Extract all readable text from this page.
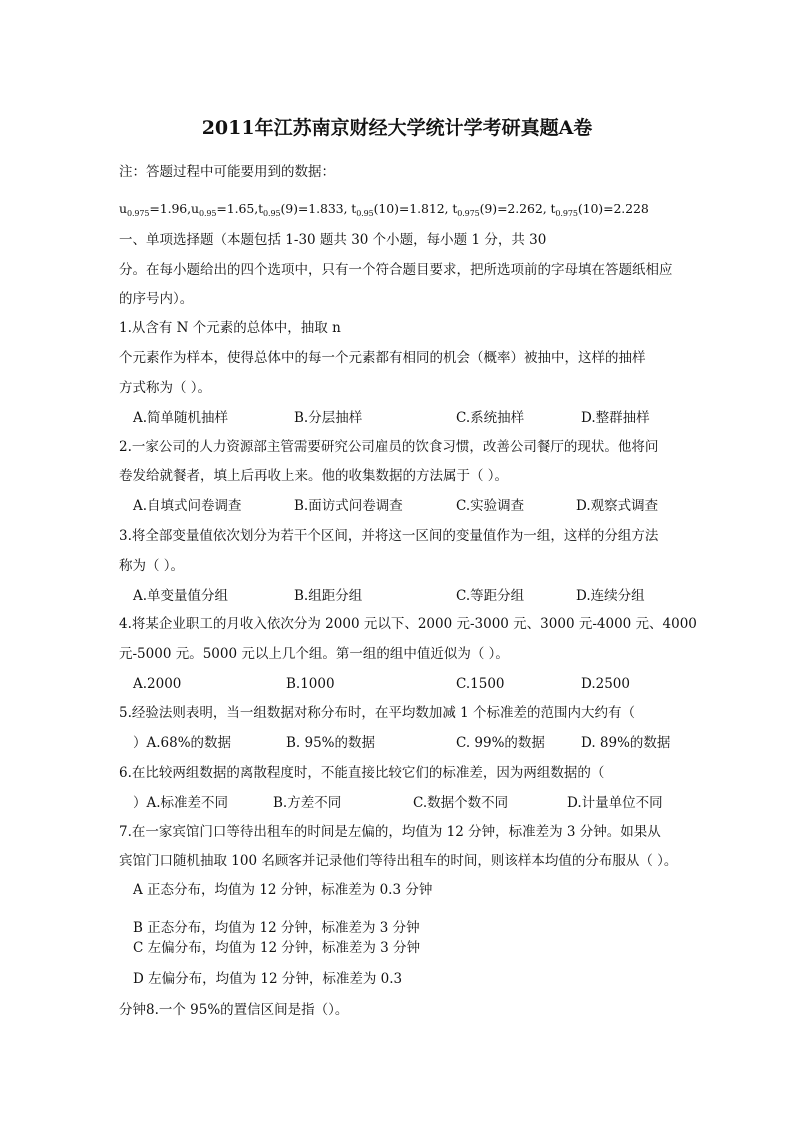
2011年江苏南京财经大学统计学考研真题A卷
注：答题过程中可能要用到的数据：
$u_{0.975}=1.96,u_{0.95}=1.65,t_{0.95}(9)=1.833$, $t_{0.95}(10)=1.812$, $t_{0.975}(9)=2.262$, $t_{0.975}(10)=2.228$
一、单项选择题（本题包括 1-30 题共 30 个小题，每小题 1 分，共 30
分。在每小题给出的四个选项中，只有一个符合题目要求，把所选项前的字母填在答题纸相应
的序号内）。
1.从含有 N 个元素的总体中，抽取 n
个元素作为样本，使得总体中的每一个元素都有相同的机会（概率）被抽中，这样的抽样
方式称为（ ）。
A.简单随机抽样	B.分层抽样	C.系统抽样	D.整群抽样
2.一家公司的人力资源部主管需要研究公司雇员的饮食习惯，改善公司餐厅的现状。他将问
卷发给就餐者，填上后再收上来。他的收集数据的方法属于（ ）。
A.自填式问卷调查	B.面访式问卷调查	C.实验调查	D.观察式调查
3.将全部变量值依次划分为若干个区间，并将这一区间的变量值作为一组，这样的分组方法
称为（ ）。
A.单变量值分组	B.组距分组	C.等距分组	D.连续分组
4.将某企业职工的月收入依次分为 2000 元以下、2000 元-3000 元、3000 元-4000 元、4000
元-5000 元。5000 元以上几个组。第一组的组中值近似为（ ）。
A.2000	B.1000	C.1500	D.2500
5.经验法则表明，当一组数据对称分布时，在平均数加减 1 个标准差的范围内大约有（
）A.68%的数据	B. 95%的数据	C. 99%的数据	D. 89%的数据
6.在比较两组数据的离散程度时，不能直接比较它们的标准差，因为两组数据的（
）A.标准差不同	B.方差不同	C.数据个数不同	D.计量单位不同
7.在一家宾馆门口等待出租车的时间是左偏的，均值为 12 分钟，标准差为 3 分钟。如果从
宾馆门口随机抽取 100 名顾客并记录他们等待出租车的时间，则该样本均值的分布服从（ ）。
A 正态分布，均值为 12 分钟，标准差为 0.3 分钟
B 正态分布，均值为 12 分钟，标准差为 3 分钟
C 左偏分布，均值为 12 分钟，标准差为 3 分钟
D 左偏分布，均值为 12 分钟，标准差为 0.3
分钟8.一个 95%的置信区间是指（）。
